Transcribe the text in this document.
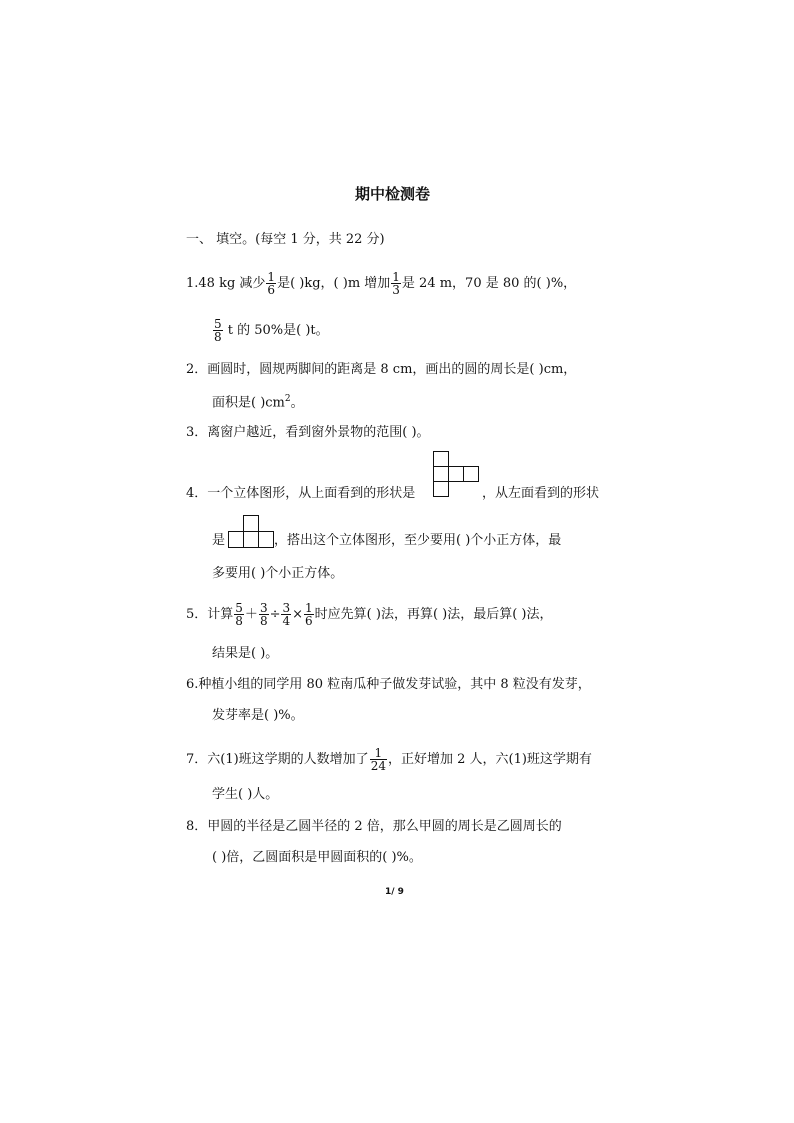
期中检测卷
一、 填空。(每空 1 分，共 22 分)
1.48 kg 减少 $\frac{1}{6}$ 是( )kg，( )m 增加 $\frac{1}{3}$ 是 24 m，70 是 80 的( )%，
$\frac{5}{8}$ t 的 50%是( )t。
2．画圆时，圆规两脚间的距离是 8 cm，画出的圆的周长是( )cm，
面积是( )$cm^2$。
3．离窗户越近，看到窗外景物的范围( )。
4．一个立体图形，从上面看到的形状是	，从左面看到的形状
是	，搭出这个立体图形，至少要用( )个小正方体，最
多要用( )个小正方体。
5．计算 $\frac{5}{8} + \frac{3}{8} \div \frac{3}{4} \times \frac{1}{6}$ 时应先算( )法，再算( )法，最后算( )法，
结果是( )。
6.种植小组的同学用 80 粒南瓜种子做发芽试验，其中 8 粒没有发芽，
发芽率是( )%。
7．六(1)班这学期的人数增加了 $\frac{1}{24}$ ，正好增加 2 人，六(1)班这学期有
学生( )人。
8．甲圆的半径是乙圆半径的 2 倍，那么甲圆的周长是乙圆周长的
( )倍，乙圆面积是甲圆面积的( )%。
1/ 9
